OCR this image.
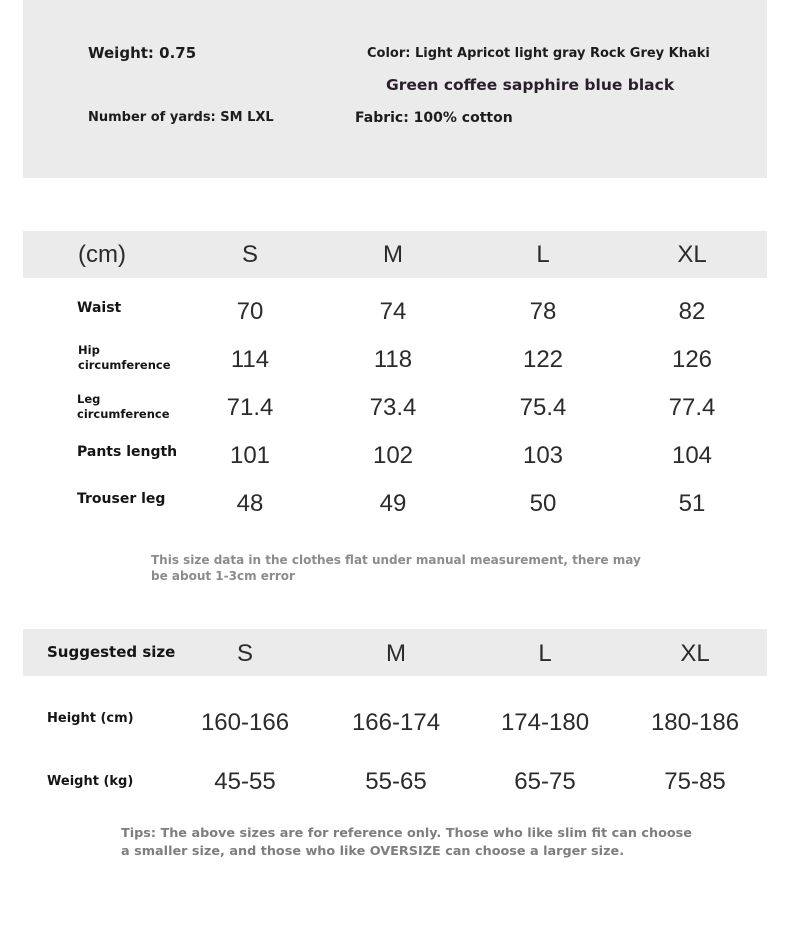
Weight: 0.75	Color: Light Apricot light gray Rock Grey Khaki
Green coffee sapphire blue black
Number of yards: SM LXL	Fabric: 100% cotton
(cm)	S	M	L	XL
Waist	70	74	78	82
Hip
circumference	114	118	122	126
Leg
circumference 71.4	73.4	75.4	77.4
Pants length 101	102	103	104
Trouser leg	48	49	50	51
This size data in the clothes flat under manual measurement, there may be about 1-3cm error
Suggested size	S	M	L	XL
Height (cm)	160-166	166-174	174-180	180-186
Weight (kg)	45-55	55-65	65-75	75-85
Tips: The above sizes are for reference only. Those who like slim fit can choose a smaller size, and those who like OVERSIZE can choose a larger size.
